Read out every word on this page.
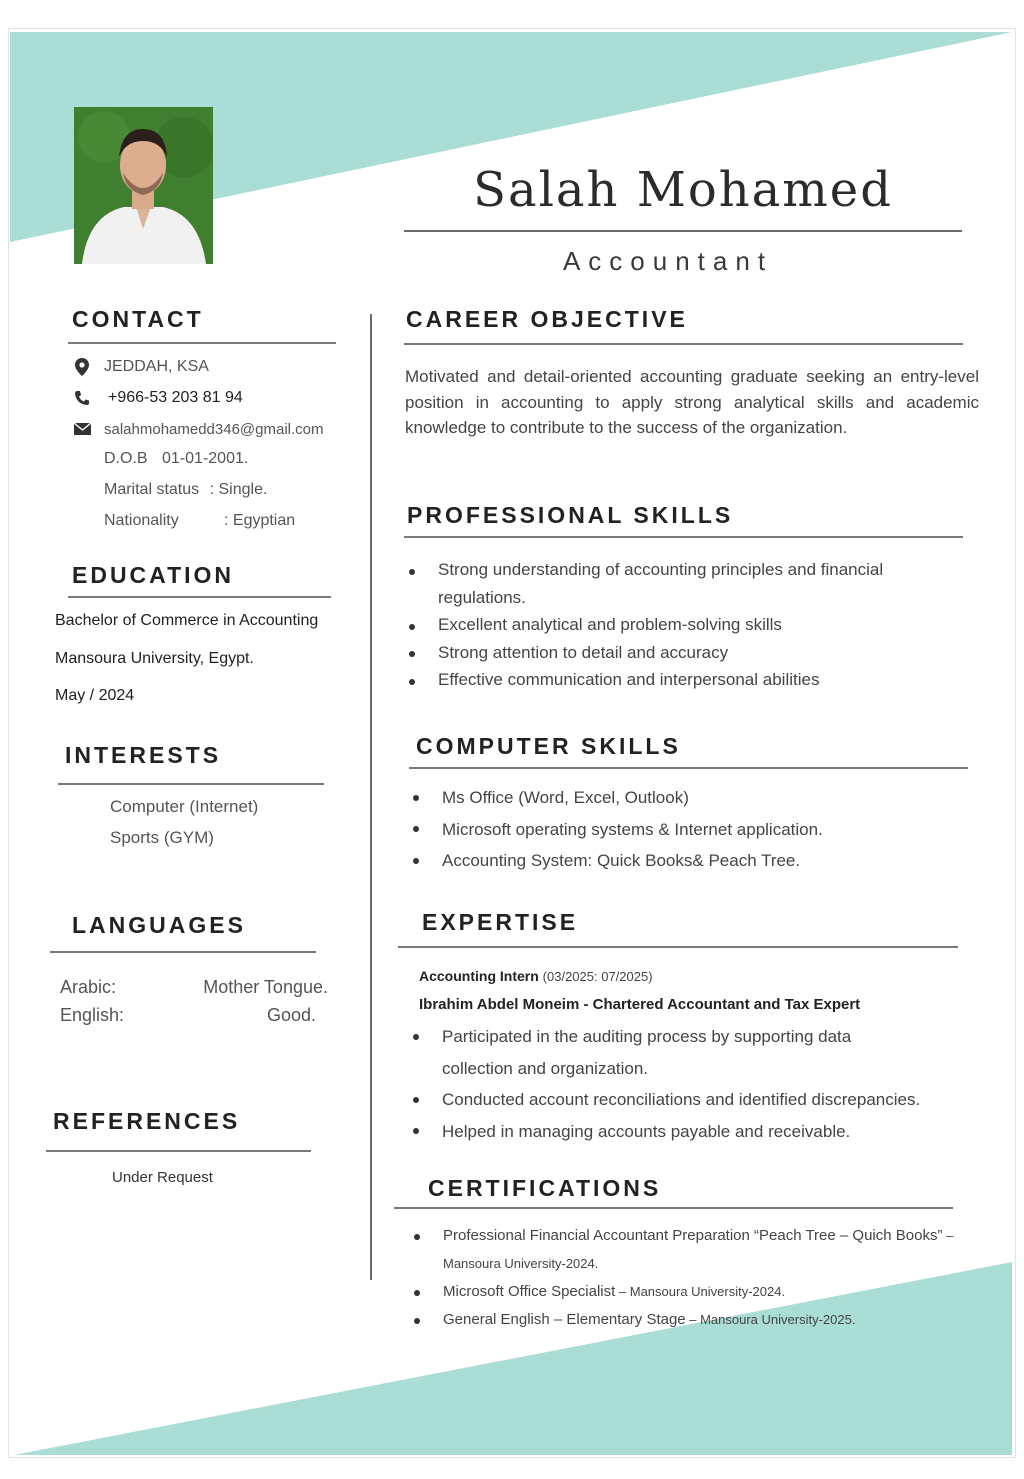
Salah Mohamed
Accountant
CONTACT
JEDDAH, KSA
+966-53 203 81 94
salahmohamedd346@gmail.com
D.O.B 01-01-2001.
Marital status : Single.
Nationality	: Egyptian
EDUCATION
Bachelor of Commerce in Accounting
Mansoura University, Egypt.
May / 2024
INTERESTS
Computer (Internet)
Sports (GYM)
LANGUAGES
Arabic:	Mother Tongue.
English:	Good.
REFERENCES
Under Request
CAREER OBJECTIVE
Motivated and detail-oriented accounting graduate seeking an entry-level position in accounting to apply strong analytical skills and academic knowledge to contribute to the success of the organization.
PROFESSIONAL SKILLS
Strong understanding of accounting principles and financial regulations.
Excellent analytical and problem-solving skills
Strong attention to detail and accuracy
Effective communication and interpersonal abilities
COMPUTER SKILLS
Ms Office (Word, Excel, Outlook)
Microsoft operating systems & Internet application.
Accounting System: Quick Books& Peach Tree.
EXPERTISE
Accounting Intern (03/2025: 07/2025)
Ibrahim Abdel Moneim - Chartered Accountant and Tax Expert
Participated in the auditing process by supporting data collection and organization.
Conducted account reconciliations and identified discrepancies.
Helped in managing accounts payable and receivable.
CERTIFICATIONS
Professional Financial Accountant Preparation “Peach Tree – Quich Books” – Mansoura University-2024.
Microsoft Office Specialist – Mansoura University-2024.
General English – Elementary Stage – Mansoura University-2025.
